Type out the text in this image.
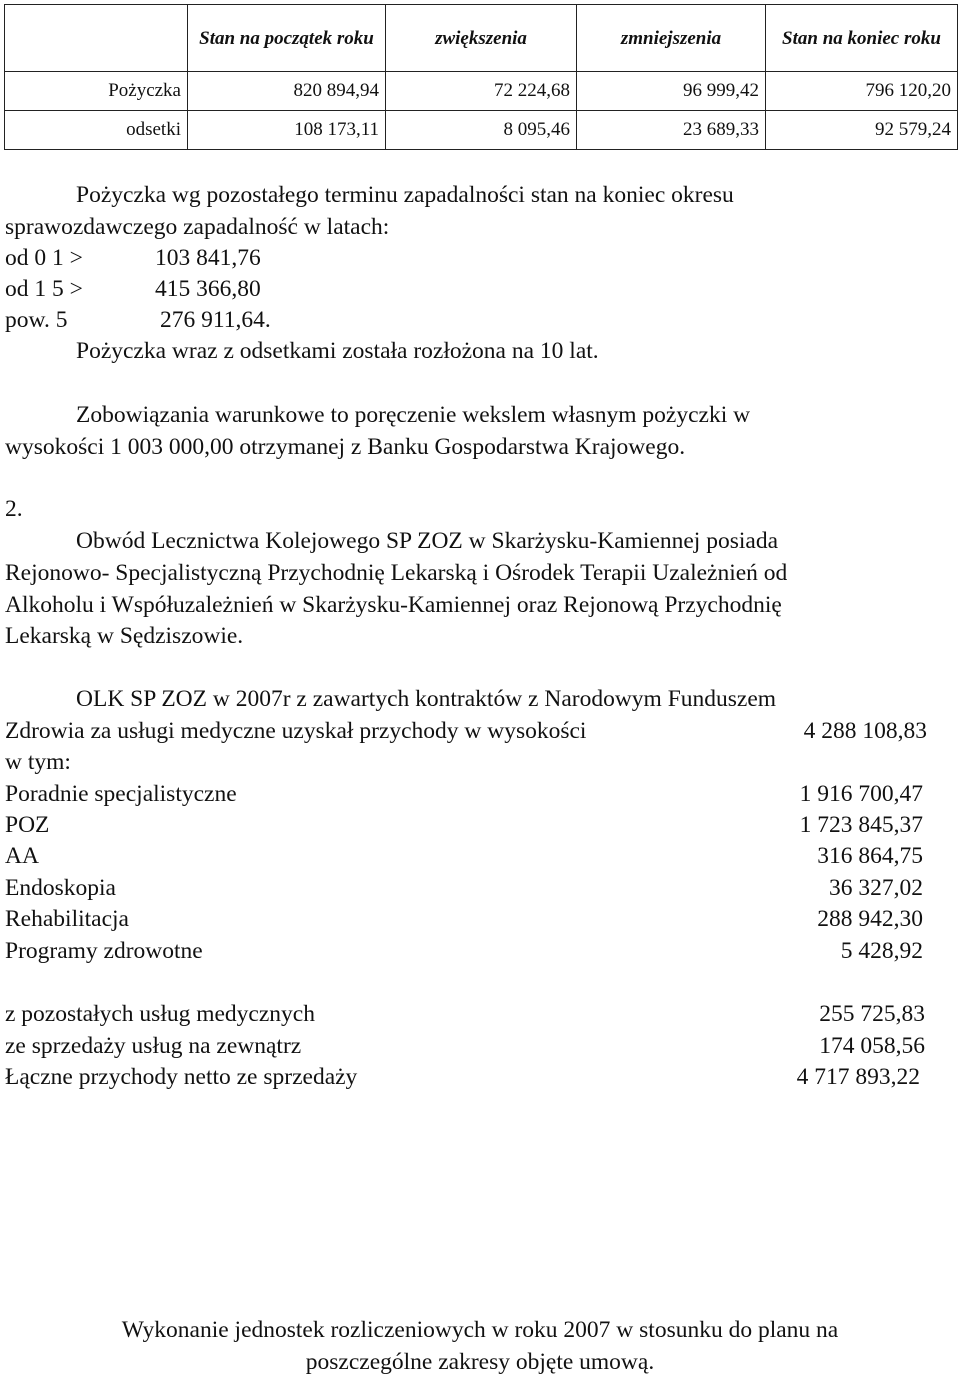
	Stan na początek roku	zwiększenia	zmniejszenia	Stan na koniec roku
Pożyczka	820 894,94	72 224,68	96 999,42	796 120,20
odsetki	108 173,11	8 095,46	23 689,33	92 579,24
Pożyczka wg pozostałego terminu zapadalności stan na koniec okresu
sprawozdawczego zapadalność w latach:
od 0 1 >	103 841,76
od 1 5 >	415 366,80
pow. 5	276 911,64.
Pożyczka wraz z odsetkami została rozłożona na 10 lat.
Zobowiązania warunkowe to poręczenie wekslem własnym pożyczki w
wysokości 1 003 000,00 otrzymanej z Banku Gospodarstwa Krajowego.
2.
Obwód Lecznictwa Kolejowego SP ZOZ w Skarżysku-Kamiennej posiada
Rejonowo- Specjalistyczną Przychodnię Lekarską i Ośrodek Terapii Uzależnień od
Alkoholu i Współuzależnień w Skarżysku-Kamiennej oraz Rejonową Przychodnię
Lekarską w Sędziszowie.
OLK SP ZOZ w 2007r z zawartych kontraktów z Narodowym Funduszem
Zdrowia za usługi medyczne uzyskał przychody w wysokości	4 288 108,83
w tym:
Poradnie specjalistyczne	1 916 700,47
POZ	1 723 845,37
AA	316 864,75
Endoskopia	36 327,02
Rehabilitacja	288 942,30
Programy zdrowotne	5 428,92
z pozostałych usług medycznych	255 725,83
ze sprzedaży usług na zewnątrz	174 058,56
Łączne przychody netto ze sprzedaży	4 717 893,22
Wykonanie jednostek rozliczeniowych w roku 2007 w stosunku do planu na
poszczególne zakresy objęte umową.
